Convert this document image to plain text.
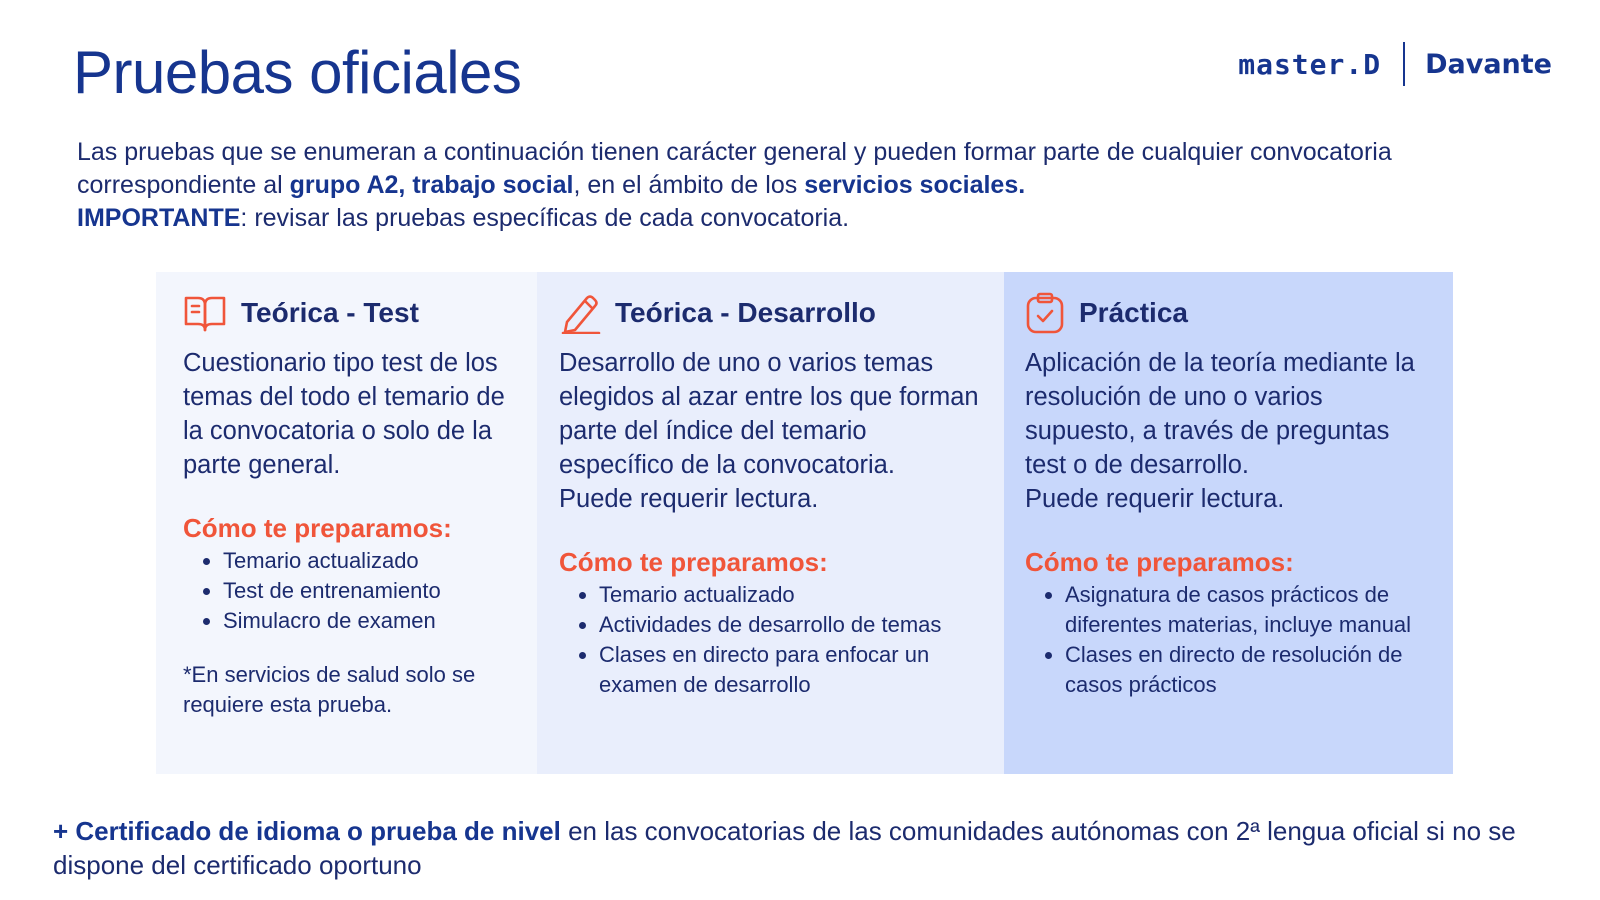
Pruebas oficiales	master.D Davante

Las pruebas que se enumeran a continuación tienen carácter general y pueden formar parte de cualquier convocatoria

correspondiente al grupo A2, trabajo social, en el ámbito de los servicios sociales.

IMPORTANTE: revisar las pruebas específicas de cada convocatoria.

Teórica - Test

Cuestionario tipo test de los temas del todo el temario de la convocatoria o solo de la parte general.

Cómo te preparamos:

• Temario actualizado
• Test de entrenamiento
• Simulacro de examen
*En servicios de salud solo se requiere esta prueba.
Teórica - Desarrollo

Desarrollo de uno o varios temas elegidos al azar entre los que forman parte del índice del temario específico de la convocatoria.

Puede requerir lectura.

Cómo te preparamos:

• Temario actualizado
• Actividades de desarrollo de temas
• Clases en directo para enfocar un examen de desarrollo
Práctica

Aplicación de la teoría mediante la resolución de uno o varios supuesto, a través de preguntas test o de desarrollo.

Puede requerir lectura.

Cómo te preparamos:

• Asignatura de casos prácticos de diferentes materias, incluye manual
• Clases en directo de resolución de casos prácticos
+ Certificado de idioma o prueba de nivel en las convocatorias de las comunidades autónomas con 2ª lengua oficial si no se dispone del certificado oportuno
